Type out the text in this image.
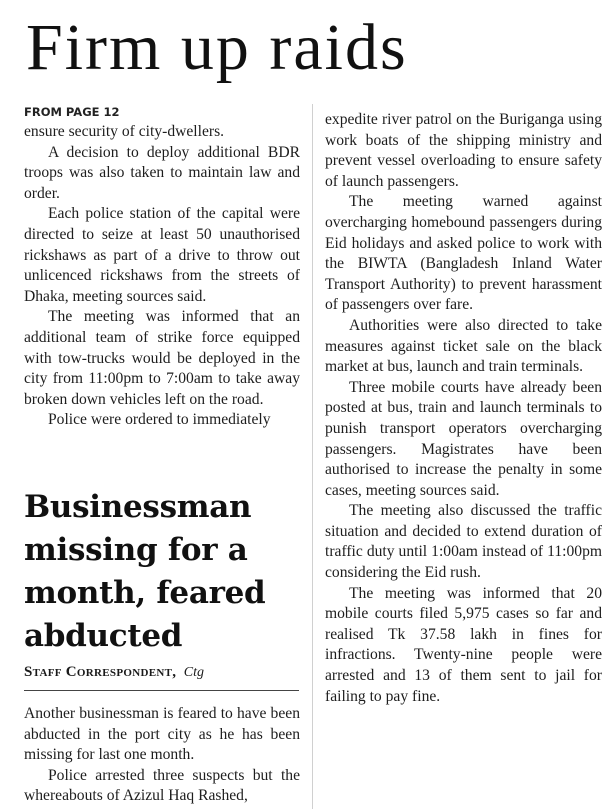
Firm up raids
FROM PAGE 12

ensure security of city-dwellers.

A decision to deploy additional BDR troops was also taken to maintain law and order.

Each police station of the capital were directed to seize at least 50 unauthorised rickshaws as part of a drive to throw out unlicenced rickshaws from the streets of Dhaka, meeting sources said.

The meeting was informed that an additional team of strike force equipped with tow-trucks would be deployed in the city from 11:00pm to 7:00am to take away broken down vehicles left on the road.

Police were ordered to immediately

expedite river patrol on the Buriganga using work boats of the shipping ministry and prevent vessel overloading to ensure safety of launch passengers.

The meeting warned against overcharging homebound passengers during Eid holidays and asked police to work with the BIWTA (Bangladesh Inland Water Transport Authority) to prevent harassment of passengers over fare.

Authorities were also directed to take measures against ticket sale on the black market at bus, launch and train terminals.

Three mobile courts have already been posted at bus, train and launch terminals to punish transport operators overcharging passengers. Magistrates have been authorised to increase the penalty in some cases, meeting sources said.

The meeting also discussed the traffic situation and decided to extend duration of traffic duty until 1:00am instead of 11:00pm considering the Eid rush.

The meeting was informed that 20 mobile courts filed 5,975 cases so far and realised Tk 37.58 lakh in fines for infractions. Twenty-nine people were arrested and 13 of them sent to jail for failing to pay fine.

Businessman missing for a month, feared abducted
Staff Correspondent, Ctg

Another businessman is feared to have been abducted in the port city as he has been missing for last one month.

Police arrested three suspects but the whereabouts of Azizul Haq Rashed,
